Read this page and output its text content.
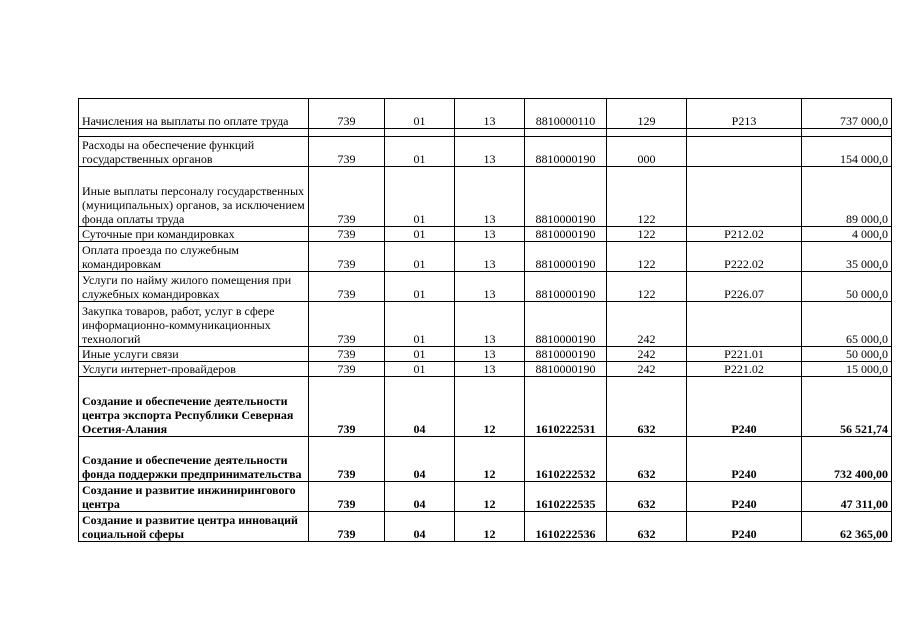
Начисления на выплаты по оплате труда	739	01	13	8810000110	129	Р213	737 000,0

Расходы на обеспечение функций государственных органов	739	01	13	8810000190	000		154 000,0
Иные выплаты персоналу государственных (муниципальных) органов, за исключением фонда оплаты труда	739	01	13	8810000190	122		89 000,0
Суточные при командировках	739	01	13	8810000190	122	Р212.02	4 000,0
Оплата проезда по служебным командировкам	739	01	13	8810000190	122	Р222.02	35 000,0
Услуги по найму жилого помещения при служебных командировках	739	01	13	8810000190	122	Р226.07	50 000,0
Закупка товаров, работ, услуг в сфере информационно-коммуникационных технологий	739	01	13	8810000190	242		65 000,0
Иные услуги связи	739	01	13	8810000190	242	Р221.01	50 000,0
Услуги интернет-провайдеров	739	01	13	8810000190	242	Р221.02	15 000,0
Создание и обеспечение деятельности центра экспорта Республики Северная Осетия-Алания	739	04	12	1610222531	632	Р240	56 521,74
Создание и обеспечение деятельности фонда поддержки предпринимательства	739	04	12	1610222532	632	Р240	732 400,00
Создание и развитие инжинирингового центра	739	04	12	1610222535	632	Р240	47 311,00
Создание и развитие центра инноваций социальной сферы	739	04	12	1610222536	632	Р240	62 365,00
